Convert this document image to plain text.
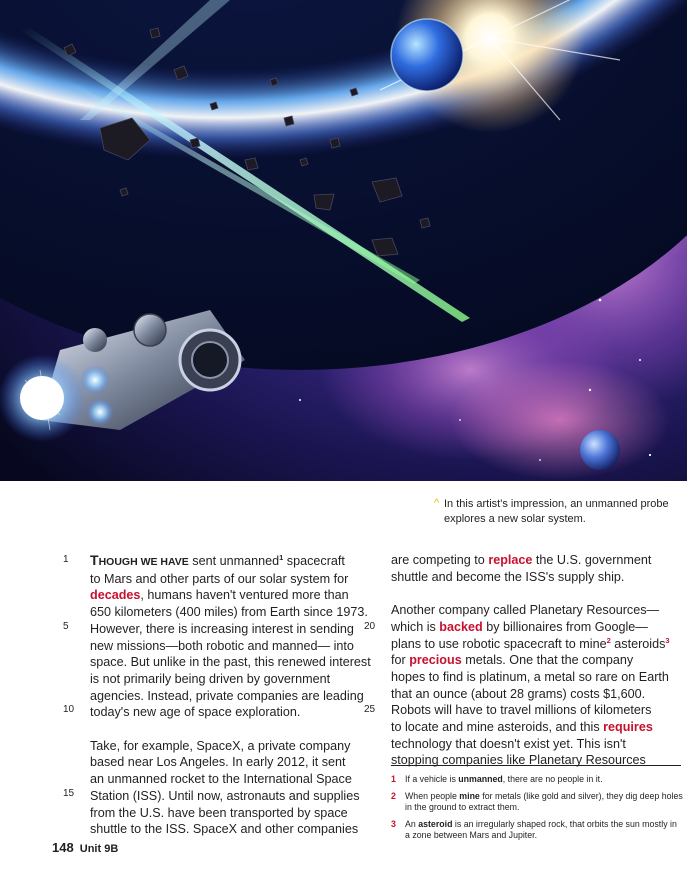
^ In this artist's impression, an unmanned probe explores a new solar system.
1
5
10
15
20
25
THOUGH WE HAVE sent unmanned$^1$ spacecraft
to Mars and other parts of our solar system for
decades, humans haven't ventured more than
650 kilometers (400 miles) from Earth since 1973.
However, there is increasing interest in sending
new missions—both robotic and manned— into
space. But unlike in the past, this renewed interest
is not primarily being driven by government
agencies. Instead, private companies are leading
today's new age of space exploration.
Take, for example, SpaceX, a private company
based near Los Angeles. In early 2012, it sent
an unmanned rocket to the International Space
Station (ISS). Until now, astronauts and supplies
from the U.S. have been transported by space
shuttle to the ISS. SpaceX and other companies
are competing to replace the U.S. government
shuttle and become the ISS's supply ship.
Another company called Planetary Resources—
which is backed by billionaires from Google—
plans to use robotic spacecraft to mine$^2$ asteroids$^3$
for precious metals. One that the company
hopes to find is platinum, a metal so rare on Earth
that an ounce (about 28 grams) costs $1,600.
Robots will have to travel millions of kilometers
to locate and mine asteroids, and this requires
technology that doesn't exist yet. This isn't
stopping companies like Planetary Resources
1 If a vehicle is unmanned, there are no people in it.
2 When people mine for metals (like gold and silver), they dig deep holes in the ground to extract them.
3 An asteroid is an irregularly shaped rock, that orbits the sun mostly in a zone between Mars and Jupiter.
148 Unit 9B
